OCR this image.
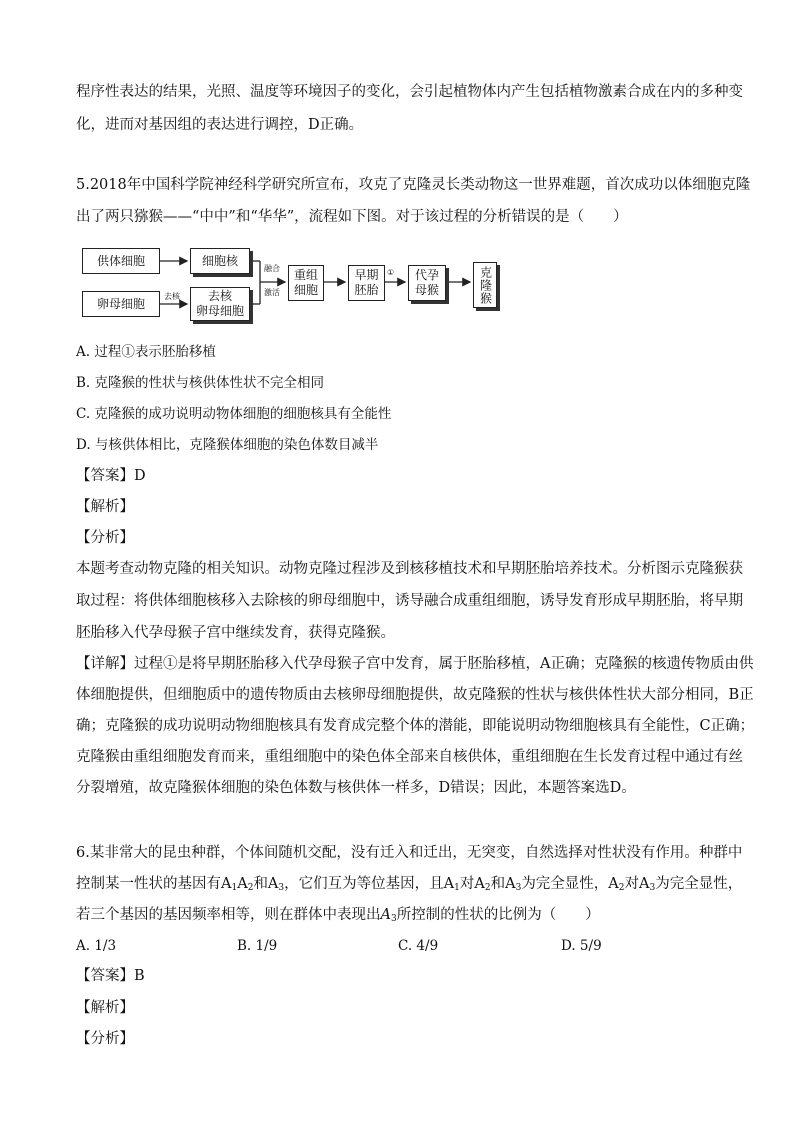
程序性表达的结果，光照、温度等环境因子的变化，会引起植物体内产生包括植物激素合成在内的多种变
化，进而对基因组的表达进行调控，D正确。
5.2018年中国科学院神经科学研究所宣布，攻克了克隆灵长类动物这一世界难题，首次成功以体细胞克隆
出了两只猕猴——“中中”和“华华”，流程如下图。对于该过程的分析错误的是（　　）
供体细胞	细胞核
卵母细胞 去核 去核
卵母细胞
融合
激活
重组
细胞
早期
胚胎
① 代孕
母猴	克隆猴
A. 过程①表示胚胎移植
B. 克隆猴的性状与核供体性状不完全相同
C. 克隆猴的成功说明动物体细胞的细胞核具有全能性
D. 与核供体相比，克隆猴体细胞的染色体数目减半
【答案】D
【解析】
【分析】
本题考查动物克隆的相关知识。动物克隆过程涉及到核移植技术和早期胚胎培养技术。分析图示克隆猴获
取过程：将供体细胞核移入去除核的卵母细胞中，诱导融合成重组细胞，诱导发育形成早期胚胎，将早期
胚胎移入代孕母猴子宫中继续发育，获得克隆猴。
【详解】过程①是将早期胚胎移入代孕母猴子宫中发育，属于胚胎移植，A正确；克隆猴的核遗传物质由供
体细胞提供，但细胞质中的遗传物质由去核卵母细胞提供，故克隆猴的性状与核供体性状大部分相同，B正
确；克隆猴的成功说明动物细胞核具有发育成完整个体的潜能，即能说明动物细胞核具有全能性，C正确；
克隆猴由重组细胞发育而来，重组细胞中的染色体全部来自核供体，重组细胞在生长发育过程中通过有丝
分裂增殖，故克隆猴体细胞的染色体数与核供体一样多，D错误；因此，本题答案选D。
6.某非常大的昆虫种群，个体间随机交配，没有迁入和迁出，无突变，自然选择对性状没有作用。种群中
控制某一性状的基因有$A_1A_2$和$A_3$，它们互为等位基因，且$A_1$对$A_2$和$A_3$为完全显性，$A_2$对$A_3$为完全显性，
若三个基因的基因频率相等，则在群体中表现出$A_3$所控制的性状的比例为（　　）
A. 1/3	B. 1/9	C. 4/9	D. 5/9
【答案】B
【解析】
【分析】
